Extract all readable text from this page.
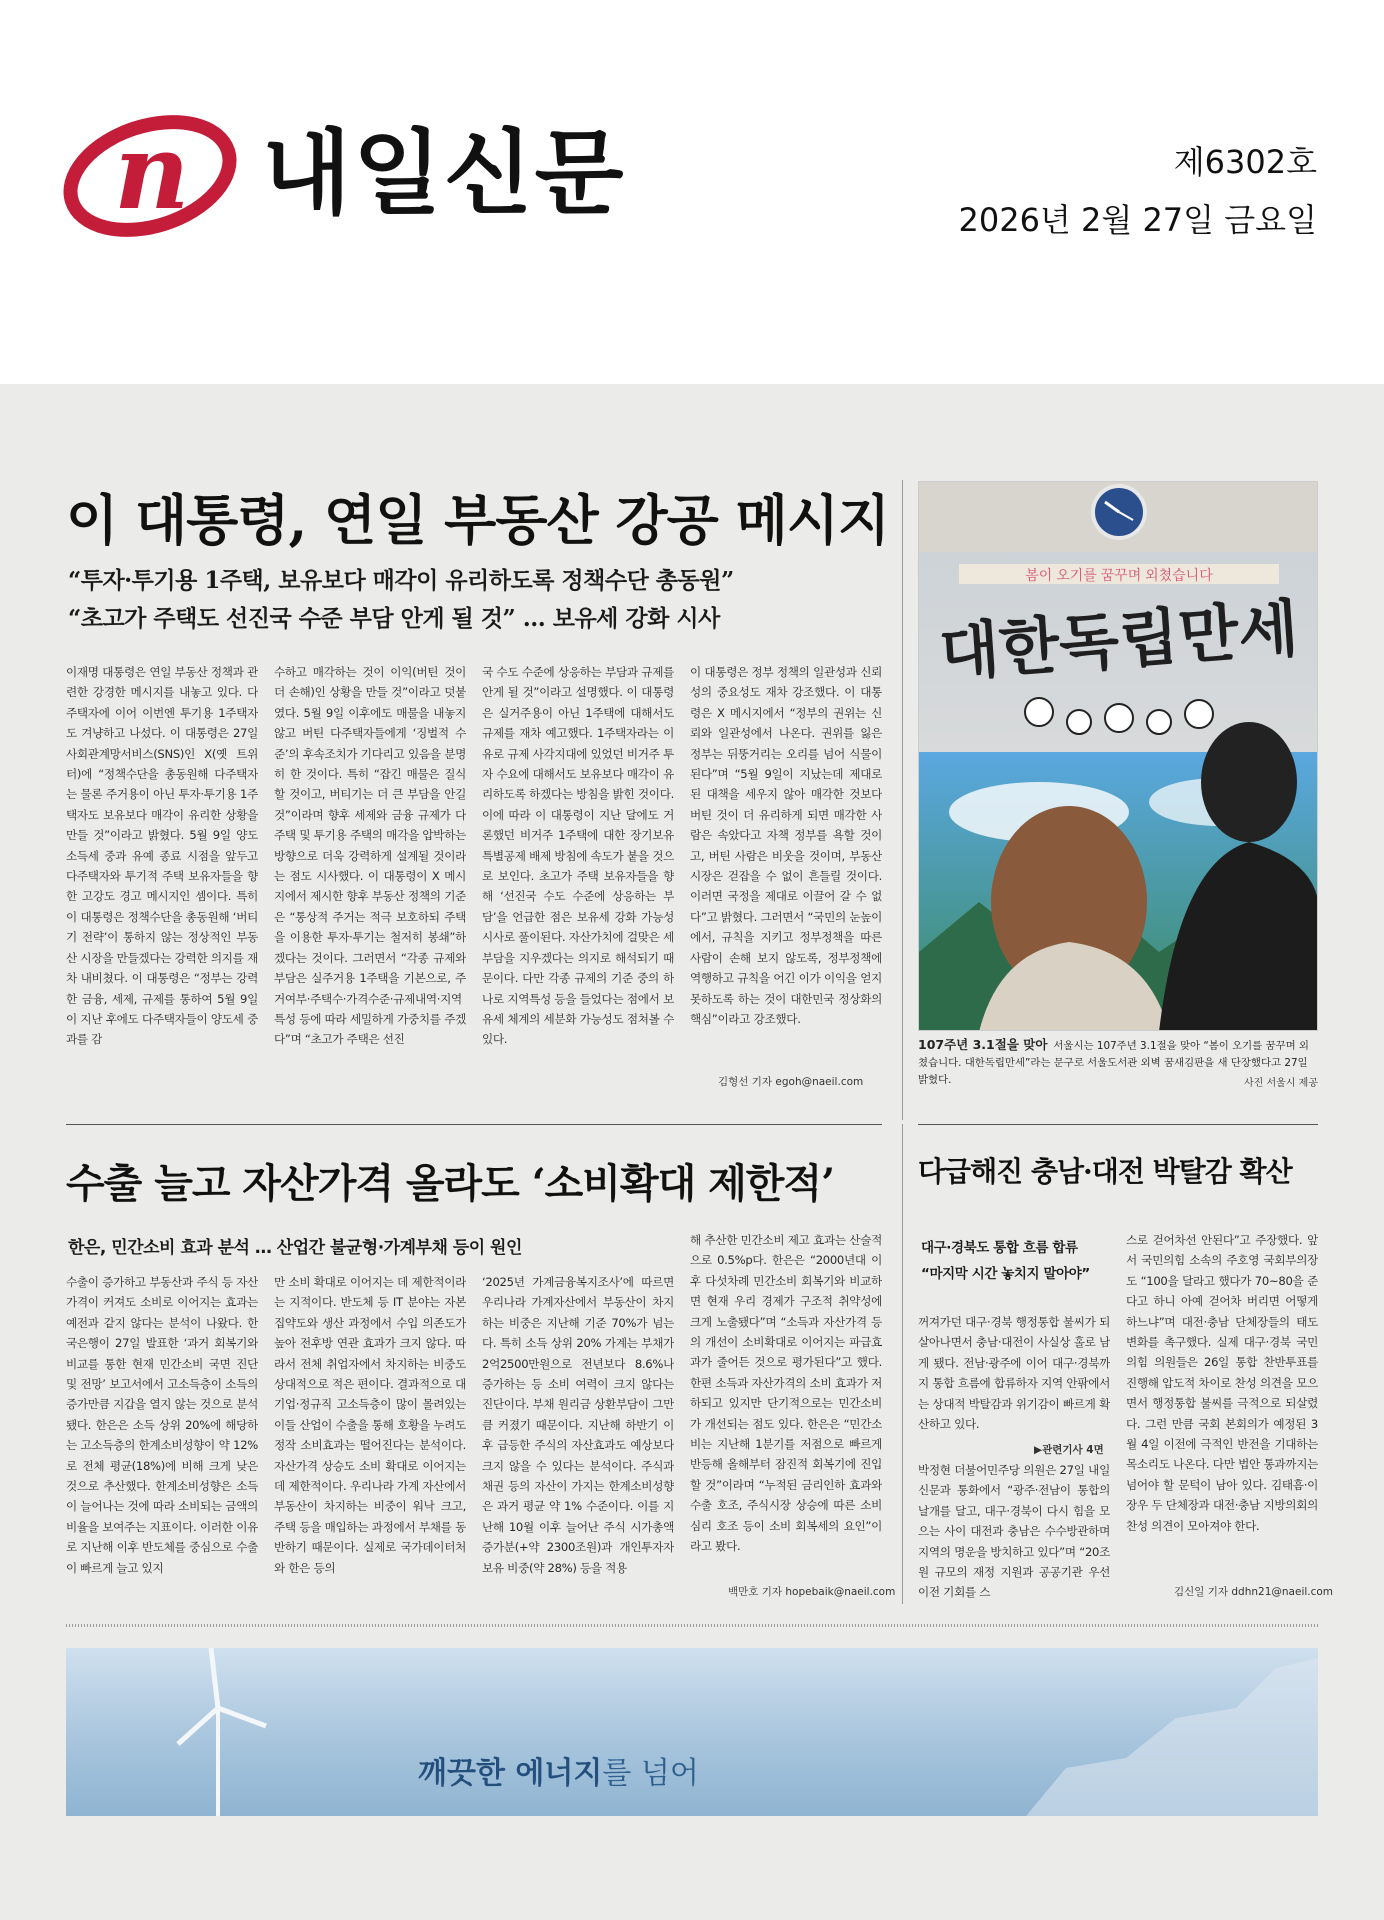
n 내일신문	제6302호
2026년 2월 27일 금요일
이 대통령, 연일 부동산 강공 메시지
“투자·투기용 1주택, 보유보다 매각이 유리하도록 정책수단 총동원”
“초고가 주택도 선진국 수준 부담 안게 될 것” … 보유세 강화 시사
이재명 대통령은 연일 부동산 정책과 관련한 강경한 메시지를 내놓고 있다. 다주택자에 이어 이번엔 투기용 1주택자도 겨냥하고 나섰다. 이 대통령은 27일 사회관계망서비스(SNS)인 X(옛 트위터)에 “정책수단을 총동원해 다주택자는 물론 주거용이 아닌 투자·투기용 1주택자도 보유보다 매각이 유리한 상황을 만들 것”이라고 밝혔다. 5월 9일 양도소득세 중과 유예 종료 시점을 앞두고 다주택자와 투기적 주택 보유자들을 향한 고강도 경고 메시지인 셈이다. 특히 이 대통령은 정책수단을 총동원해 ‘버티기 전략’이 통하지 않는 정상적인 부동산 시장을 만들겠다는 강력한 의지를 재차 내비쳤다. 이 대통령은 “정부는 강력한 금융, 세제, 규제를 통하여 5월 9일이 지난 후에도 다주택자들이 양도세 중과를 감
수하고 매각하는 것이 이익(버틴 것이 더 손해)인 상황을 만들 것”이라고 덧붙였다. 5월 9일 이후에도 매물을 내놓지 않고 버틴 다주택자들에게 ‘징벌적 수준’의 후속조치가 기다리고 있음을 분명히 한 것이다. 특히 “잡긴 매물은 질식할 것이고, 버티기는 더 큰 부담을 안길 것”이라며 향후 세제와 금융 규제가 다주택 및 투기용 주택의 매각을 압박하는 방향으로 더욱 강력하게 설계될 것이라는 점도 시사했다. 이 대통령이 X 메시지에서 제시한 향후 부동산 정책의 기준은 “통상적 주거는 적극 보호하되 주택을 이용한 투자·투기는 철저히 봉쇄”하겠다는 것이다. 그러면서 “각종 규제와 부담은 실주거용 1주택을 기본으로, 주거여부·주택수·가격수준·규제내역·지역특성 등에 따라 세밀하게 가중치를 주겠다”며 “초고가 주택은 선진
국 수도 수준에 상응하는 부담과 규제를 안게 될 것”이라고 설명했다. 이 대통령은 실거주용이 아닌 1주택에 대해서도 규제를 재차 예고했다. 1주택자라는 이유로 규제 사각지대에 있었던 비거주 투자 수요에 대해서도 보유보다 매각이 유리하도록 하겠다는 방침을 밝힌 것이다. 이에 따라 이 대통령이 지난 달에도 거론했던 비거주 1주택에 대한 장기보유 특별공제 배제 방침에 속도가 붙을 것으로 보인다. 초고가 주택 보유자들을 향해 ‘선진국 수도 수준에 상응하는 부담’을 언급한 점은 보유세 강화 가능성 시사로 풀이된다. 자산가치에 걸맞은 세 부담을 지우겠다는 의지로 해석되기 때문이다. 다만 각종 규제의 기준 중의 하나로 지역특성 등을 들었다는 점에서 보유세 체계의 세분화 가능성도 점쳐볼 수 있다.
이 대통령은 정부 정책의 일관성과 신뢰성의 중요성도 재차 강조했다. 이 대통령은 X 메시지에서 “정부의 권위는 신뢰와 일관성에서 나온다. 권위를 잃은 정부는 뒤뚱거리는 오리를 넘어 식물이 된다”며 “5월 9일이 지났는데 제대로 된 대책을 세우지 않아 매각한 것보다 버틴 것이 더 유리하게 되면 매각한 사람은 속았다고 자책 정부를 욕할 것이고, 버틴 사람은 비웃을 것이며, 부동산 시장은 걷잡을 수 없이 흔들릴 것이다. 이러면 국정을 제대로 이끌어 갈 수 없다”고 밝혔다. 그러면서 “국민의 눈높이에서, 규칙을 지키고 정부정책을 따른 사람이 손해 보지 않도록, 정부정책에 역행하고 규칙을 어긴 이가 이익을 얻지 못하도록 하는 것이 대한민국 정상화의 핵심”이라고 강조했다.
김형선 기자 egoh@naeil.com
봄이 오기를 꿈꾸며 외쳤습니다
대한독립만세
107주년 3.1절을 맞아 서울시는 107주년 3.1절을 맞아 “봄이 오기를 꿈꾸며 외쳤습니다. 대한독립만세”라는 문구로 서울도서관 외벽 꿈새김판을 새 단장했다고 27일 밝혔다.	사진 서울시 제공
수출 늘고 자산가격 올라도 ‘소비확대 제한적’
한은, 민간소비 효과 분석 … 산업간 불균형·가계부채 등이 원인
수출이 증가하고 부동산과 주식 등 자산가격이 커져도 소비로 이어지는 효과는 예전과 같지 않다는 분석이 나왔다. 한국은행이 27일 발표한 ‘과거 회복기와 비교를 통한 현재 민간소비 국면 진단 및 전망’ 보고서에서 고소득층이 소득의 증가만큼 지갑을 열지 않는 것으로 분석됐다. 한은은 소득 상위 20%에 해당하는 고소득층의 한계소비성향이 약 12%로 전체 평균(18%)에 비해 크게 낮은 것으로 추산했다. 한계소비성향은 소득이 늘어나는 것에 따라 소비되는 금액의 비율을 보여주는 지표이다. 이러한 이유로 지난해 이후 반도체를 중심으로 수출이 빠르게 늘고 있지
만 소비 확대로 이어지는 데 제한적이라는 지적이다. 반도체 등 IT 분야는 자본 집약도와 생산 과정에서 수입 의존도가 높아 전후방 연관 효과가 크지 않다. 따라서 전체 취업자에서 차지하는 비중도 상대적으로 적은 편이다. 결과적으로 대기업·정규직 고소득층이 많이 몰려있는 이들 산업이 수출을 통해 호황을 누려도 정작 소비효과는 떨어진다는 분석이다. 자산가격 상승도 소비 확대로 이어지는 데 제한적이다. 우리나라 가계 자산에서 부동산이 차지하는 비중이 워낙 크고, 주택 등을 매입하는 과정에서 부채를 동반하기 때문이다. 실제로 국가데이터처와 한은 등의
‘2025년 가계금융복지조사’에 따르면 우리나라 가계자산에서 부동산이 차지하는 비중은 지난해 기준 70%가 넘는다. 특히 소득 상위 20% 가계는 부채가 2억2500만원으로 전년보다 8.6%나 증가하는 등 소비 여력이 크지 않다는 진단이다. 부채 원리금 상환부담이 그만큼 커졌기 때문이다. 지난해 하반기 이후 급등한 주식의 자산효과도 예상보다 크지 않을 수 있다는 분석이다. 주식과 채권 등의 자산이 가지는 한계소비성향은 과거 평균 약 1% 수준이다. 이를 지난해 10월 이후 늘어난 주식 시가총액 증가분(+약 2300조원)과 개인투자자 보유 비중(약 28%) 등을 적용
해 추산한 민간소비 제고 효과는 산술적으로 0.5%p다. 한은은 “2000년대 이후 다섯차례 민간소비 회복기와 비교하면 현재 우리 경제가 구조적 취약성에 크게 노출됐다”며 “소득과 자산가격 등의 개선이 소비확대로 이어지는 파급효과가 줄어든 것으로 평가된다”고 했다. 한편 소득과 자산가격의 소비 효과가 저하되고 있지만 단기적으로는 민간소비가 개선되는 점도 있다. 한은은 “민간소비는 지난해 1분기를 저점으로 빠르게 반등해 올해부터 잠진적 회복기에 진입할 것”이라며 “누적된 금리인하 효과와 수출 호조, 주식시장 상승에 따른 소비심리 호조 등이 소비 회복세의 요인”이라고 봤다.
백만호 기자 hopebaik@naeil.com
다급해진 충남·대전 박탈감 확산
대구·경북도 통합 흐름 합류
“마지막 시간 놓치지 말아야”
꺼져가던 대구·경북 행정통합 불씨가 되살아나면서 충남·대전이 사실상 홀로 남게 됐다. 전남·광주에 이어 대구·경북까지 통합 흐름에 합류하자 지역 안팎에서는 상대적 박탈감과 위기감이 빠르게 확산하고 있다.
▶관련기사 4면
박정현 더불어민주당 의원은 27일 내일신문과 통화에서 “광주·전남이 통합의 날개를 달고, 대구·경북이 다시 힘을 모으는 사이 대전과 충남은 수수방관하며 지역의 명운을 방치하고 있다”며 “20조원 규모의 재정 지원과 공공기관 우선 이전 기회를 스
스로 걷어차선 안된다”고 주장했다. 앞서 국민의힘 소속의 주호영 국회부의장도 “100을 달라고 했다가 70~80을 준다고 하니 아예 걷어차 버리면 어떻게 하느냐”며 대전·충남 단체장들의 태도 변화를 촉구했다. 실제 대구·경북 국민의힘 의원들은 26일 통합 찬반투표를 진행해 압도적 차이로 찬성 의견을 모으면서 행정통합 불씨를 극적으로 되살렸다. 그런 만큼 국회 본회의가 예정된 3월 4일 이전에 극적인 반전을 기대하는 목소리도 나온다. 다만 법안 통과까지는 넘어야 할 문턱이 남아 있다. 김태흠·이장우 두 단체장과 대전·충남 지방의회의 찬성 의견이 모아져야 한다.
김신일 기자 ddhn21@naeil.com
깨끗한 에너지를 넘어
